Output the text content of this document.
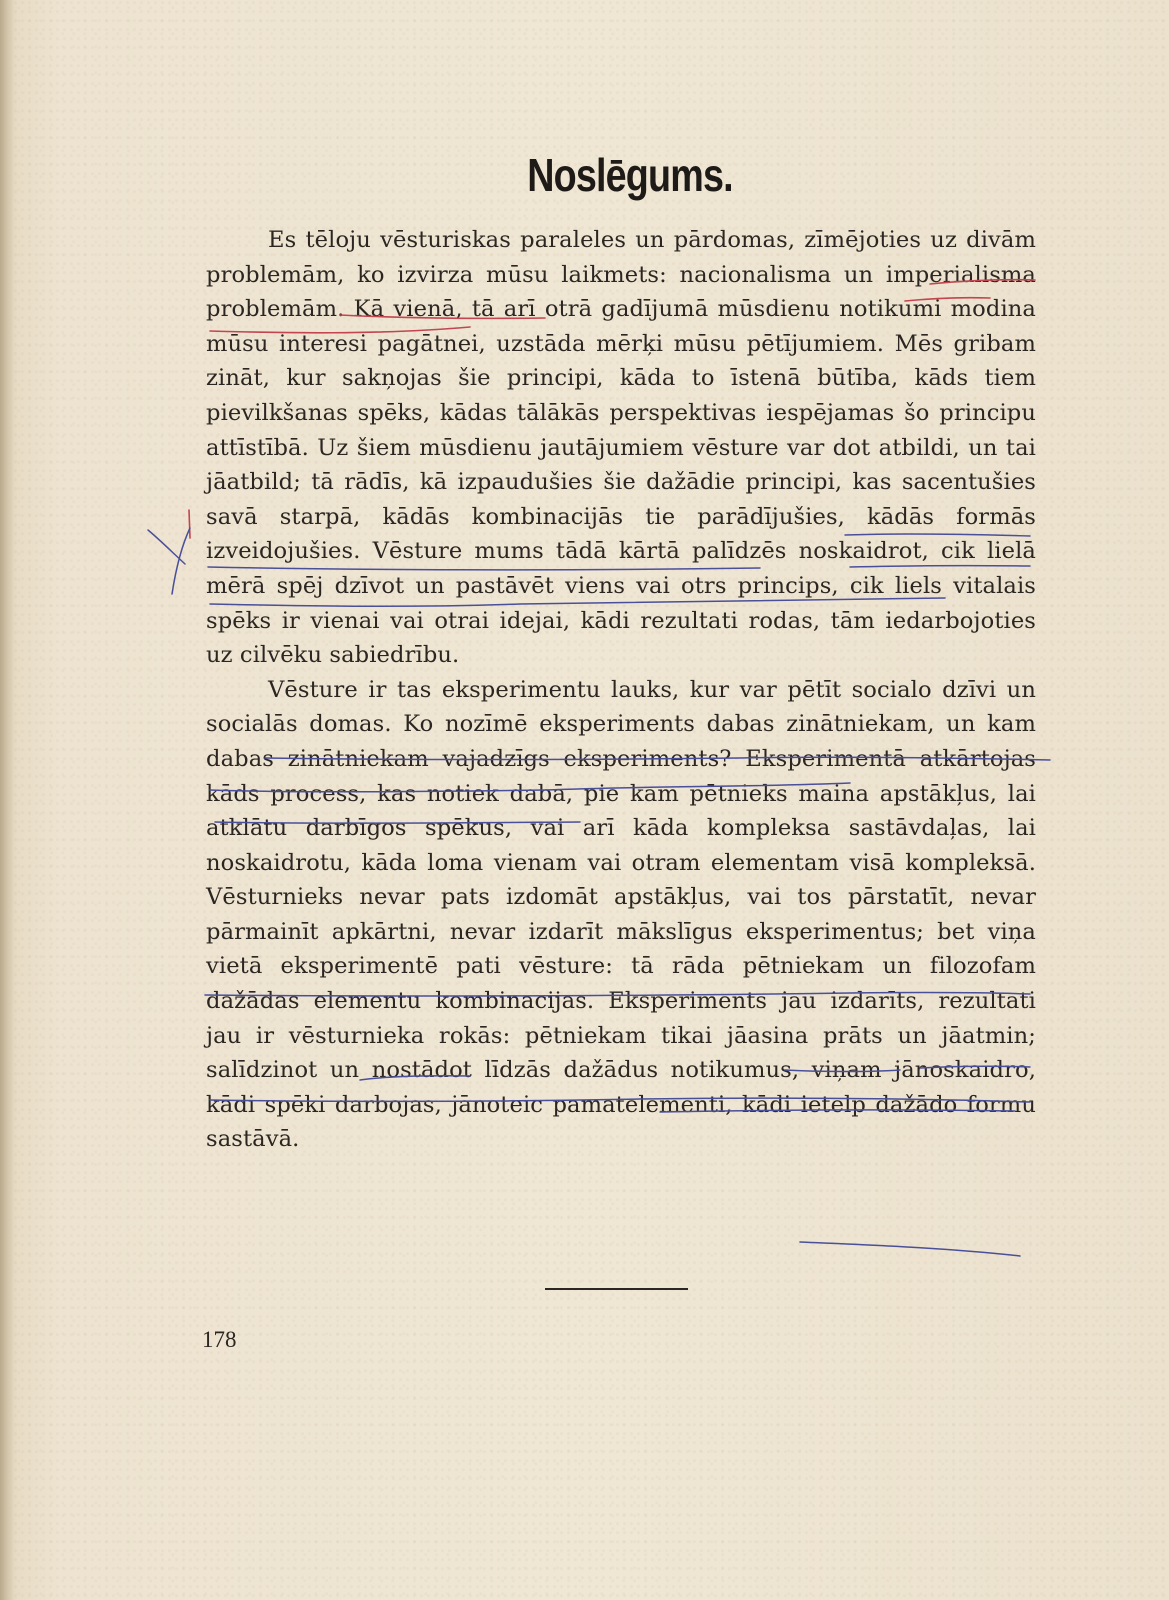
Noslēgums.

Es tēloju vēsturiskas paraleles un pārdomas, zīmējoties uz divām problemām, ko izvirza mūsu laikmets: nacionalisma un imperialisma problemām. Kā vienā, tā arī otrā gadījumā mūsdienu notikumi modina mūsu interesi pagātnei, uzstāda mērķi mūsu pētījumiem. Mēs gribam zināt, kur sakņojas šie principi, kāda to īstenā būtība, kāds tiem pievilkšanas spēks, kādas tālākās perspektivas iespējamas šo principu attīstībā. Uz šiem mūsdienu jautājumiem vēsture var dot atbildi, un tai jāatbild; tā rādīs, kā izpaudušies šie dažādie principi, kas sacentušies savā starpā, kādās kombinacijās tie parādījušies, kādās formās izveidojušies. Vēsture mums tādā kārtā palīdzēs noskaidrot, cik lielā mērā spēj dzīvot un pastāvēt viens vai otrs princips, cik liels vitalais spēks ir vienai vai otrai idejai, kādi rezultati rodas, tām iedarbojoties uz cilvēku sabiedrību.

Vēsture ir tas eksperimentu lauks, kur var pētīt socialo dzīvi un socialās domas. Ko nozīmē eksperiments dabas zinātniekam, un kam dabas zinātniekam vajadzīgs eksperiments? Eksperimentā atkārtojas kāds process, kas notiek dabā, pie kam pētnieks maina apstākļus, lai atklātu darbīgos spēkus, vai arī kāda kompleksa sastāvdaļas, lai noskaidrotu, kāda loma vienam vai otram elementam visā kompleksā. Vēsturnieks nevar pats izdomāt apstākļus, vai tos pārstatīt, nevar pārmainīt apkārtni, nevar izdarīt mākslīgus eksperimentus; bet viņa vietā eksperimentē pati vēsture: tā rāda pētniekam un filozofam dažādas elementu kombinacijas. Eksperiments jau izdarīts, rezultati jau ir vēsturnieka rokās: pētniekam tikai jāasina prāts un jāatmin; salīdzinot un nostādot līdzās dažādus notikumus, viņam jānoskaidro, kādi spēki darbojas, jānoteic pamatelementi, kādi ietelp dažādo formu sastāvā.

178
